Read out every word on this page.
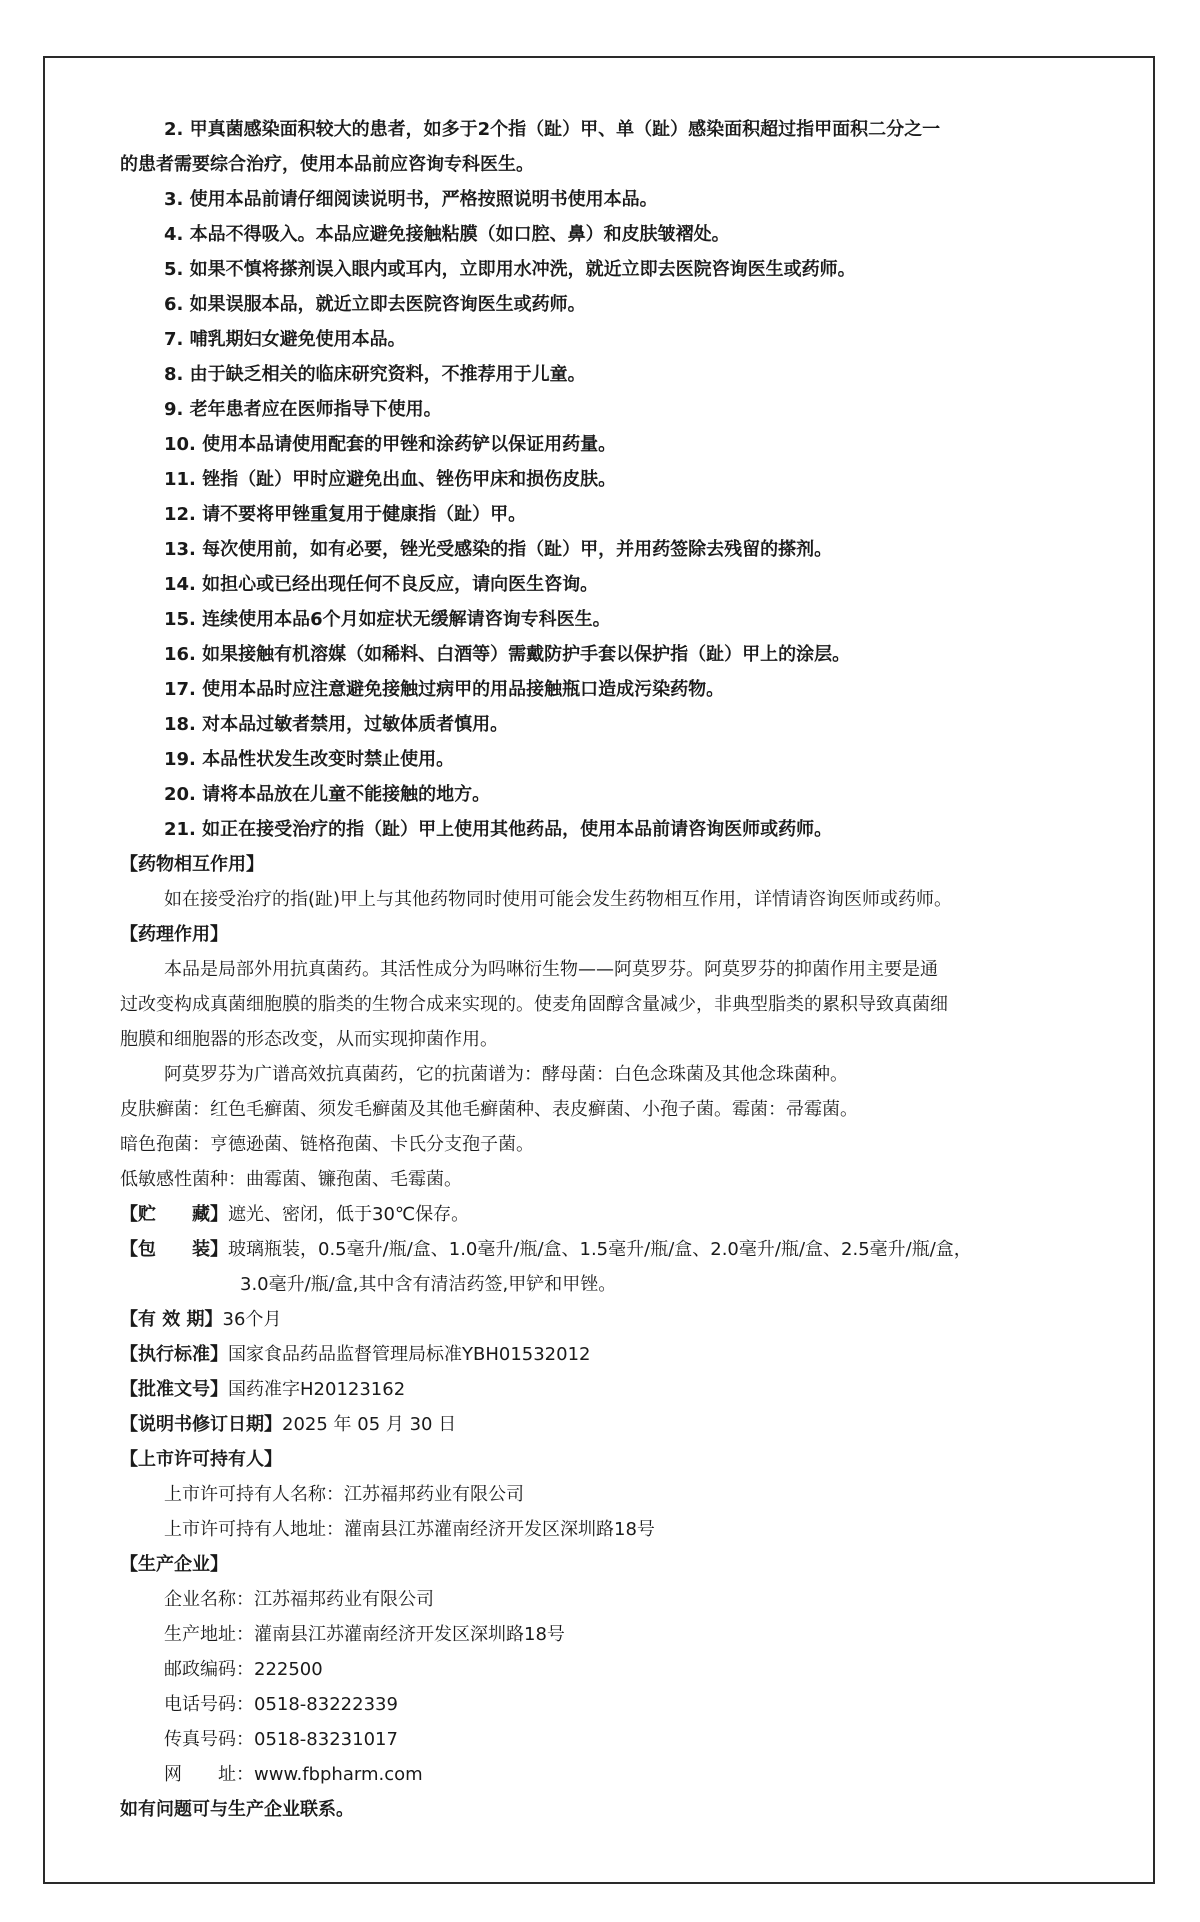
2. 甲真菌感染面积较大的患者，如多于2个指（趾）甲、单（趾）感染面积超过指甲面积二分之一

的患者需要综合治疗，使用本品前应咨询专科医生。

3. 使用本品前请仔细阅读说明书，严格按照说明书使用本品。

4. 本品不得吸入。本品应避免接触粘膜（如口腔、鼻）和皮肤皱褶处。

5. 如果不慎将搽剂误入眼内或耳内，立即用水冲洗，就近立即去医院咨询医生或药师。

6. 如果误服本品，就近立即去医院咨询医生或药师。

7. 哺乳期妇女避免使用本品。

8. 由于缺乏相关的临床研究资料，不推荐用于儿童。

9. 老年患者应在医师指导下使用。

10. 使用本品请使用配套的甲锉和涂药铲以保证用药量。

11. 锉指（趾）甲时应避免出血、锉伤甲床和损伤皮肤。

12. 请不要将甲锉重复用于健康指（趾）甲。

13. 每次使用前，如有必要，锉光受感染的指（趾）甲，并用药签除去残留的搽剂。

14. 如担心或已经出现任何不良反应，请向医生咨询。

15. 连续使用本品6个月如症状无缓解请咨询专科医生。

16. 如果接触有机溶媒（如稀料、白酒等）需戴防护手套以保护指（趾）甲上的涂层。

17. 使用本品时应注意避免接触过病甲的用品接触瓶口造成污染药物。

18. 对本品过敏者禁用，过敏体质者慎用。

19. 本品性状发生改变时禁止使用。

20. 请将本品放在儿童不能接触的地方。

21. 如正在接受治疗的指（趾）甲上使用其他药品，使用本品前请咨询医师或药师。

【药物相互作用】

如在接受治疗的指(趾)甲上与其他药物同时使用可能会发生药物相互作用，详情请咨询医师或药师。

【药理作用】

本品是局部外用抗真菌药。其活性成分为吗啉衍生物——阿莫罗芬。阿莫罗芬的抑菌作用主要是通

过改变构成真菌细胞膜的脂类的生物合成来实现的。使麦角固醇含量减少，非典型脂类的累积导致真菌细

胞膜和细胞器的形态改变，从而实现抑菌作用。

阿莫罗芬为广谱高效抗真菌药，它的抗菌谱为：酵母菌：白色念珠菌及其他念珠菌种。

皮肤癣菌：红色毛癣菌、须发毛癣菌及其他毛癣菌种、表皮癣菌、小孢子菌。霉菌：帚霉菌。

暗色孢菌：亨德逊菌、链格孢菌、卡氏分支孢子菌。

低敏感性菌种：曲霉菌、镰孢菌、毛霉菌。

【贮　　藏】 遮光、密闭，低于30℃保存。

【包　　装】 玻璃瓶装，0.5毫升/瓶/盒、1.0毫升/瓶/盒、1.5毫升/瓶/盒、2.0毫升/瓶/盒、2.5毫升/瓶/盒，

3.0毫升/瓶/盒,其中含有清洁药签,甲铲和甲锉。

【有 效 期】 36个月

【执行标准】 国家食品药品监督管理局标准YBH01532012

【批准文号】 国药准字H20123162

【说明书修订日期】 2025 年 05 月 30 日

【上市许可持有人】

上市许可持有人名称：江苏福邦药业有限公司

上市许可持有人地址：灌南县江苏灌南经济开发区深圳路18号

【生产企业】

企业名称：江苏福邦药业有限公司

生产地址：灌南县江苏灌南经济开发区深圳路18号

邮政编码：222500

电话号码：0518-83222339

传真号码：0518-83231017

网　　址：www.fbpharm.com

如有问题可与生产企业联系。
